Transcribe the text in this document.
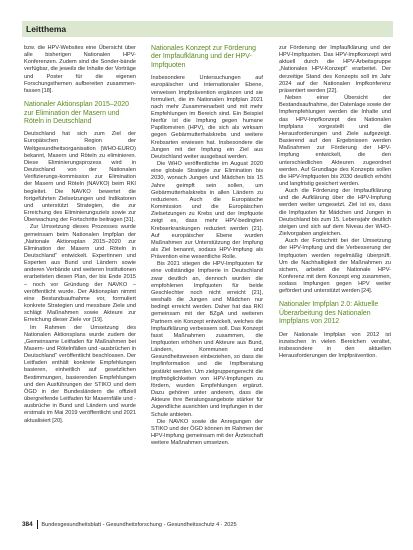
Leitthema

bzw. die HPV-Websites eine Übersicht über alle bisherigen Nationalen HPV-Konferenzen. Zudem sind die Sonder-bände verfügbar, die jeweils die Inhalte der Vorträge und Poster für die eigenen Forschungsthemen aufbereiten zusammen-fassen [18].

Nationaler Aktionsplan 2015–2020 zur Elimination der Masern und Röteln in Deutschland

Deutschland hat sich zum Ziel der Europäischen Region der Weltgesundheitsorganisation (WHO-EURO) bekannt, Masern und Röteln zu eliminieren. Diese Eliminierungsprozess wird in Deutschland von der Nationalen Verifizierungs-kommission zur Elimination der Masern und Röteln (NAVKO) beim RKI begleitet. Die NAVKO bewertet die fortgeführten Zielsetzungen und Indikatoren und unterstützt Strategien, die zur Erreichung des Eliminierungsziels sowie zur Überwachung der Fortschritte beitragen [31].

Zur Umsetzung dieses Prozesses wurde gemeinsam beim Nationalen Impfplan der „Nationale Aktionsplan 2015–2020 zur Elimination der Masern und Röteln in Deutschland“ entwickelt. Expertinnen und Experten aus Bund und Ländern sowie anderen Verbände und weiteren Institutionen erarbeiteten diesen Plan, der bis Ende 2015 – noch vor Gründung der NAVKO – veröffentlicht wurde. Der Aktionsplan nimmt eine Bestandsaufnahme vor, formuliert konkrete Strategien und messbare Ziele und schlägt Maßnahmen sowie Akteure zur Erreichung dieser Ziele vor [19].

Im Rahmen der Umsetzung des Nationalen Aktionsplans wurde zudem der „Gemeinsame Leitfaden für Maßnahmen bei Masern- und Rötelnfällen und -ausbrüchen in Deutschland“ veröffentlicht beschlossen. Der Leitfaden enthält konkrete Empfehlungen basieren, einheitlich auf gesetzlichen Bestimmungen, basierenden Empfehlungen und den Ausführungen der STIKO und dem ÖGD in der Bundesländern die offiziell übergreifende Leitfaden für Masernfälle und -ausbrüche in Bund und Ländern und wurde erstmals im Mai 2019 veröffentlicht und 2021 aktualisiert [20].

Nationales Konzept zur Förderung der Impfaufklärung und der HPV-Impfquoten

Insbesondere Untersuchungen auf europäischer und internationaler Ebene, verweisen Impfprävention ergänzen und sie formuliert, die im Nationalen Impfplan 2021 nach mehr Zusammenarbeit und mit mehr Empfehlungen im Bereich sind. Ein Beispiel hierfür ist die Impfung gegen humane Papillomviren (HPV), die sich als wirksam gegen Gebärmutterhalskrebs und weitere Krebsarten erwiesen hat. Insbesondere die Jungen mit der Impfung ein Ziel aus Deutschland weiter ausgebaut werden.

Die WHO veröffentlichte im August 2020 eine globale Strategie zur Elimination bis 2030, wonach Jungen und Mädchen bis 15 Jahre geimpft sein sollen, um Gebärmutterhalskrebs in allen Ländern zu reduzieren. Auch die Europäische Kommission und die Europäischen Zielsetzungen zu Krebs und der Impfquote zeigt es, dass mehr HPV-bedingten Krebserkrankungen reduziert werden [21]. Auf europäischer Ebene wurden Maßnahmen zur Unterstützung der Impfung als Ziel benannt, sodass HPV-Impfung als Prävention eine wesentliche Rolle.

Bis 2021 stiegen die HPV-Impfquoten für eine vollständige Impfserie in Deutschland zwar deutlich an, dennoch wurden die empfohlenen Impfquoten für beide Geschlechter noch nicht erreicht [21], weshalb die Jungen und Mädchen nur bedingt erreicht werden. Daher hat das RKI gemeinsam mit der BZgA und weiteren Partnern ein Konzept entwickelt, welches die Impfaufklärung verbessern soll. Das Konzept fasst Maßnahmen zusammen, die Impfquoten erhöhen und Akteure aus Bund, Ländern, Kommunen und Gesundheitswesen einbeziehen, so dass die Impfinformation und die Impfberatung gestärkt werden. Um zielgruppengerecht die Impfmöglichkeiten von HPV-Impfungen zu fördern, wurden Empfehlungen ergänzt. Dazu gehören unter anderem, dass die Akteure ihre Beratungsangebote stärker für Jugendliche ausrichten und Impfungen in der Schule anbieten.

Die NAVKO sowie die Anregungen der STIKO und der ÖGD können im Rahmen der HPV-Impfung gemeinsam mit der Ärzteschaft weitere Maßnahmen umsetzen.

zur Förderung der Impfaufklärung und der HPV-Impfquoten. Das HPV-Impfkonzept wird aktuell durch die HPV-Arbeitsgruppe „Nationales HPV-Konzept“ erarbeitet. Der derzeitige Stand des Konzepts soll im Jahr 2024 auf der Nationalen Impfkonferenz präsentiert werden [22].

Neben einer Übersicht der Bestandsaufnahme, der Datenlage sowie der Impfempfehlungen werden die Inhalte und das HPV-Impfkonzept des Nationalen Impfplans vorgestellt und die Herausforderungen und Ziele aufgezeigt. Basierend auf den Ergebnissen werden Maßnahmen zur Förderung der HPV-Impfung entwickelt, die den unterschiedlichen Akteuren zugeordnet werden. Auf Grundlage des Konzepts sollen die HPV-Impfquoten bis 2030 deutlich erhöht und langfristig gesichert werden.

Auch die Förderung der Impfaufklärung und die Aufklärung über die HPV-Impfung werden weiter umgesetzt. Ziel ist es, dass die Impfquoten für Mädchen und Jungen in Deutschland bis zum 15. Lebensjahr deutlich steigen und sich auf dem Niveau der WHO-Zielvorgaben angleichen.

Auch der Fortschritt bei der Umsetzung der HPV-Impfung und die Verbesserung der Impfquoten werden regelmäßig überprüft. Um die Nachhaltigkeit der Maßnahmen zu sichern, arbeitet die Nationale HPV-Konferenz mit dem Konzept eng zusammen, sodass Impfungen gegen HPV weiter gefördert und unterstützt werden [24].

Nationaler Impfplan 2.0: Aktuelle Überarbeitung des Nationalen Impfplans von 2012

Der Nationale Impfplan von 2012 ist inzwischen in vielen Bereichen veraltet, insbesondere in den aktuellen Herausforderungen der Impfprävention.

384 Bundesgesundheitsblatt - Gesundheitsforschung - Gesundheitsschutz 4 · 2025
